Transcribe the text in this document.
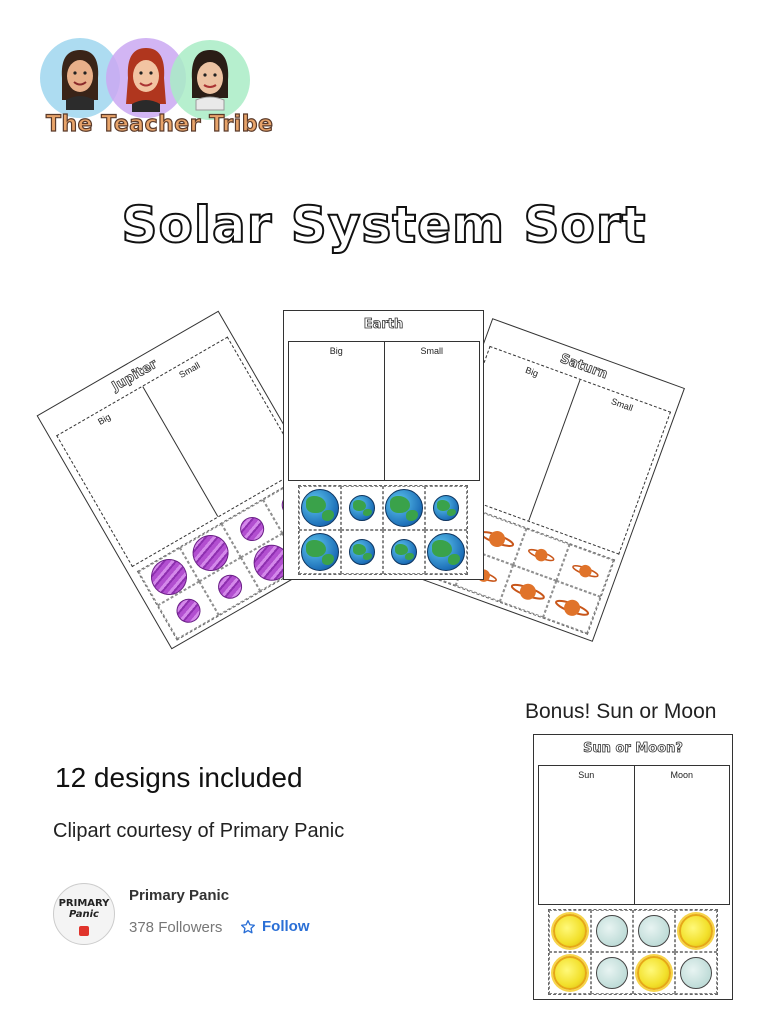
The Teacher Tribe
Solar System Sort
Jupiter
Big
Small	Saturn
Big
Small
Earth
Big	Small
Bonus! Sun or Moon
Sun or Moon?
Sun	Moon
12 designs included
Clipart courtesy of Primary Panic
PRIMARY
Panic
Primary Panic
378 Followers	Follow
